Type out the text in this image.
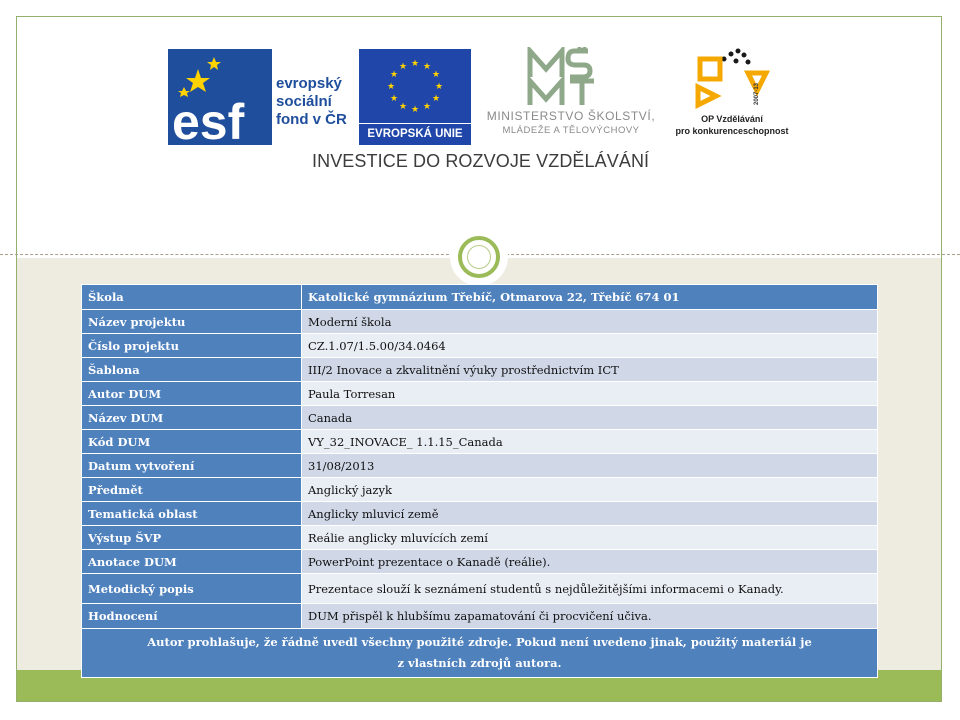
esf
evropský
sociální
fond v ČR
★ ★
★
★
★
★
★
★
★
★
★
★
EVROPSKÁ UNIE
MINISTERSTVO ŠKOLSTVÍ,
MLÁDEŽE A TĚLOVÝCHOVY
2007-13
OP Vzdělávání
pro konkurenceschopnost
INVESTICE DO ROZVOJE VZDĚLÁVÁNÍ
Škola	Katolické gymnázium Třebíč, Otmarova 22, Třebíč 674 01
Název projektu	Moderní škola
Číslo projektu	CZ.1.07/1.5.00/34.0464
Šablona	III/2 Inovace a zkvalitnění výuky prostřednictvím ICT
Autor DUM	Paula Torresan
Název DUM	Canada
Kód DUM	VY_32_INOVACE_ 1.1.15_Canada
Datum vytvoření	31/08/2013
Předmět	Anglický jazyk
Tematická oblast	Anglicky mluvicí země
Výstup ŠVP	Reálie anglicky mluvících zemí
Anotace DUM	PowerPoint prezentace o Kanadě (reálie).
Metodický popis	Prezentace slouží k seznámení studentů s nejdůležitějšími informacemi o Kanady.
Hodnocení	DUM přispěl k hlubšímu zapamatování či procvičení učiva.

Autor prohlašuje, že řádně uvedl všechny použité zdroje. Pokud není uvedeno jinak, použitý materiál je
z vlastních zdrojů autora.	
